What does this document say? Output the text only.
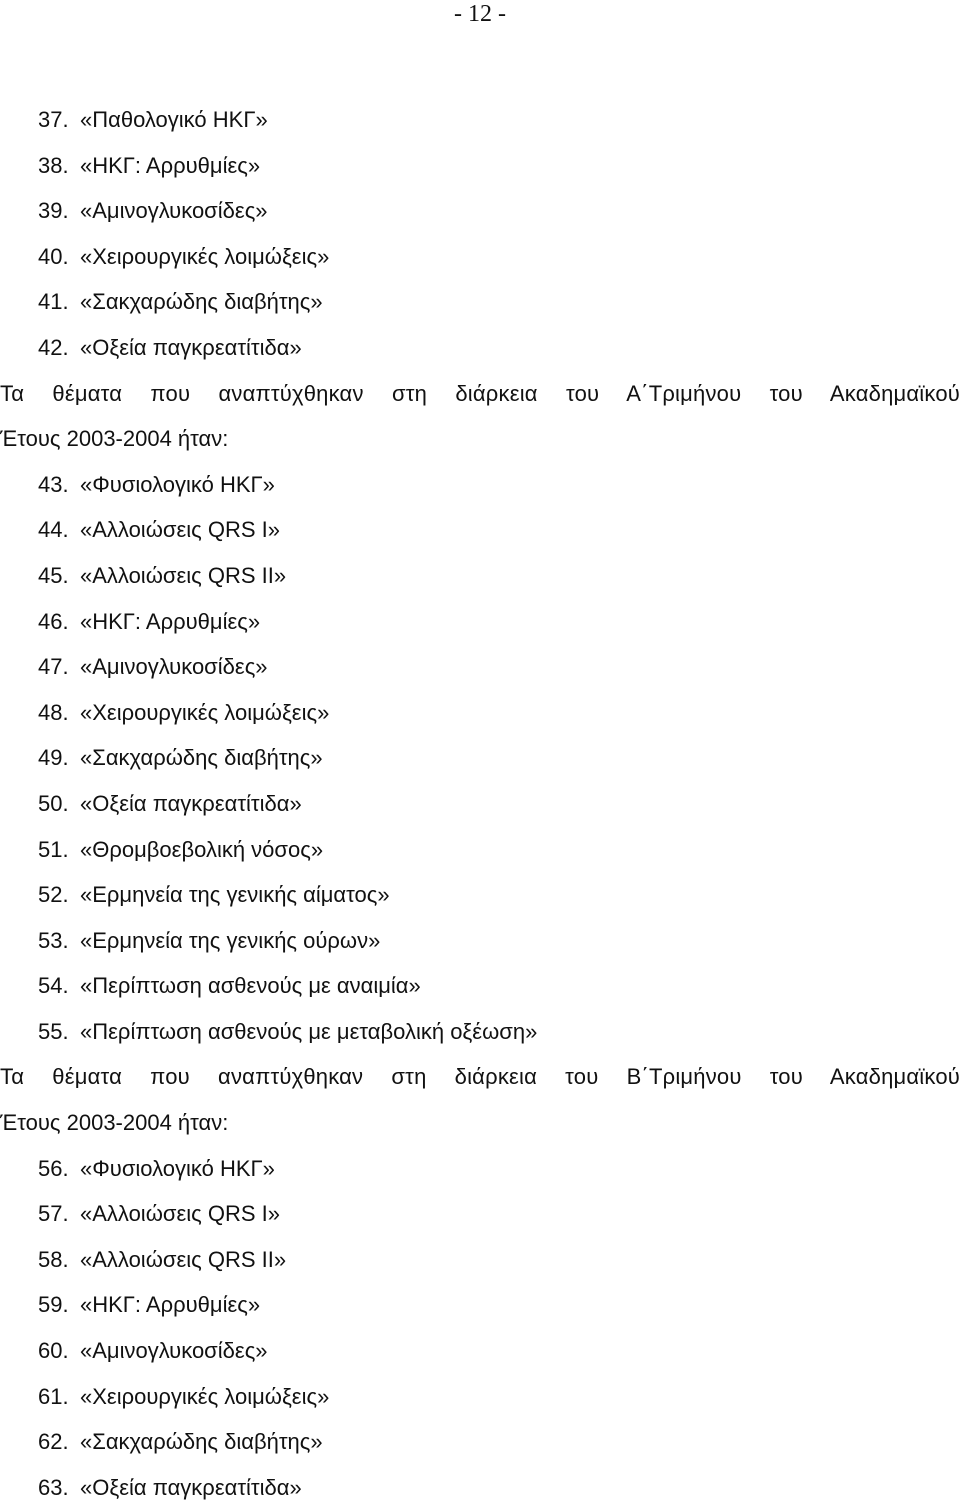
- 12 -
37. «Παθολογικό ΗΚΓ»
38. «ΗΚΓ: Αρρυθμίες»
39. «Αμινογλυκοσίδες»
40. «Χειρουργικές λοιμώξεις»
41. «Σακχαρώδης διαβήτης»
42. «Οξεία παγκρεατίτιδα»
Τα θέματα που αναπτύχθηκαν στη διάρκεια του Α΄Τριμήνου του Ακαδημαϊκού
Έτους 2003-2004 ήταν:
43. «Φυσιολογικό ΗΚΓ»
44. «Αλλοιώσεις QRS Ι»
45. «Αλλοιώσεις QRS ΙΙ»
46. «ΗΚΓ: Αρρυθμίες»
47. «Αμινογλυκοσίδες»
48. «Χειρουργικές λοιμώξεις»
49. «Σακχαρώδης διαβήτης»
50. «Οξεία παγκρεατίτιδα»
51. «Θρομβοεβολική νόσος»
52. «Ερμηνεία της γενικής αίματος»
53. «Ερμηνεία της γενικής ούρων»
54. «Περίπτωση ασθενούς με αναιμία»
55. «Περίπτωση ασθενούς με μεταβολική οξέωση»
Τα θέματα που αναπτύχθηκαν στη διάρκεια του Β΄Τριμήνου του Ακαδημαϊκού
Έτους 2003-2004 ήταν:
56. «Φυσιολογικό ΗΚΓ»
57. «Αλλοιώσεις QRS Ι»
58. «Αλλοιώσεις QRS ΙΙ»
59. «ΗΚΓ: Αρρυθμίες»
60. «Αμινογλυκοσίδες»
61. «Χειρουργικές λοιμώξεις»
62. «Σακχαρώδης διαβήτης»
63. «Οξεία παγκρεατίτιδα»
